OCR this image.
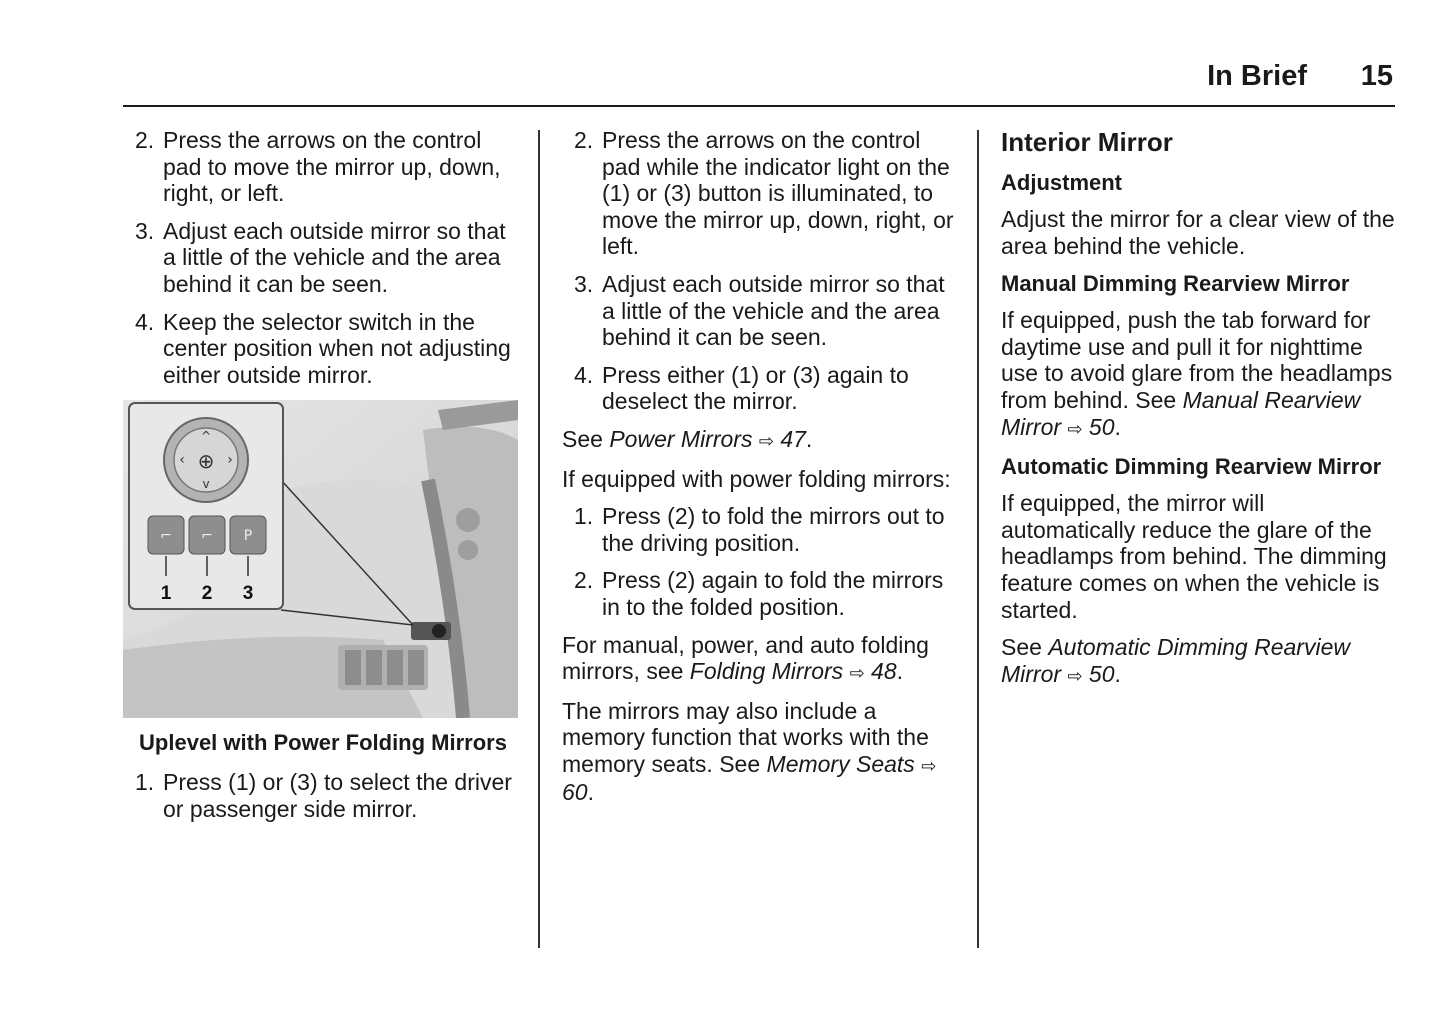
In Brief 15
2. Press the arrows on the control pad to move the mirror up, down, right, or left.
3. Adjust each outside mirror so that a little of the vehicle and the area behind it can be seen.
4. Keep the selector switch in the center position when not adjusting either outside mirror.
⊕
^
v
‹	›
⌐ ⌐ P
1 2 3
Uplevel with Power Folding Mirrors
1. Press (1) or (3) to select the driver or passenger side mirror.
2. Press the arrows on the control pad while the indicator light on the (1) or (3) button is illuminated, to move the mirror up, down, right, or left.
3. Adjust each outside mirror so that a little of the vehicle and the area behind it can be seen.
4. Press either (1) or (3) again to deselect the mirror.

See Power Mirrors ⇨ 47.

If equipped with power folding mirrors:

1. Press (2) to fold the mirrors out to the driving position.
2. Press (2) again to fold the mirrors in to the folded position.

For manual, power, and auto folding mirrors, see Folding Mirrors ⇨ 48.

The mirrors may also include a memory function that works with the memory seats. See Memory Seats ⇨ 60.

Interior Mirror
Adjustment

Adjust the mirror for a clear view of the area behind the vehicle.

Manual Dimming Rearview Mirror

If equipped, push the tab forward for daytime use and pull it for nighttime use to avoid glare from the headlamps from behind. See Manual Rearview Mirror ⇨ 50.

Automatic Dimming Rearview Mirror

If equipped, the mirror will automatically reduce the glare of the headlamps from behind. The dimming feature comes on when the vehicle is started.

See Automatic Dimming Rearview Mirror ⇨ 50.
